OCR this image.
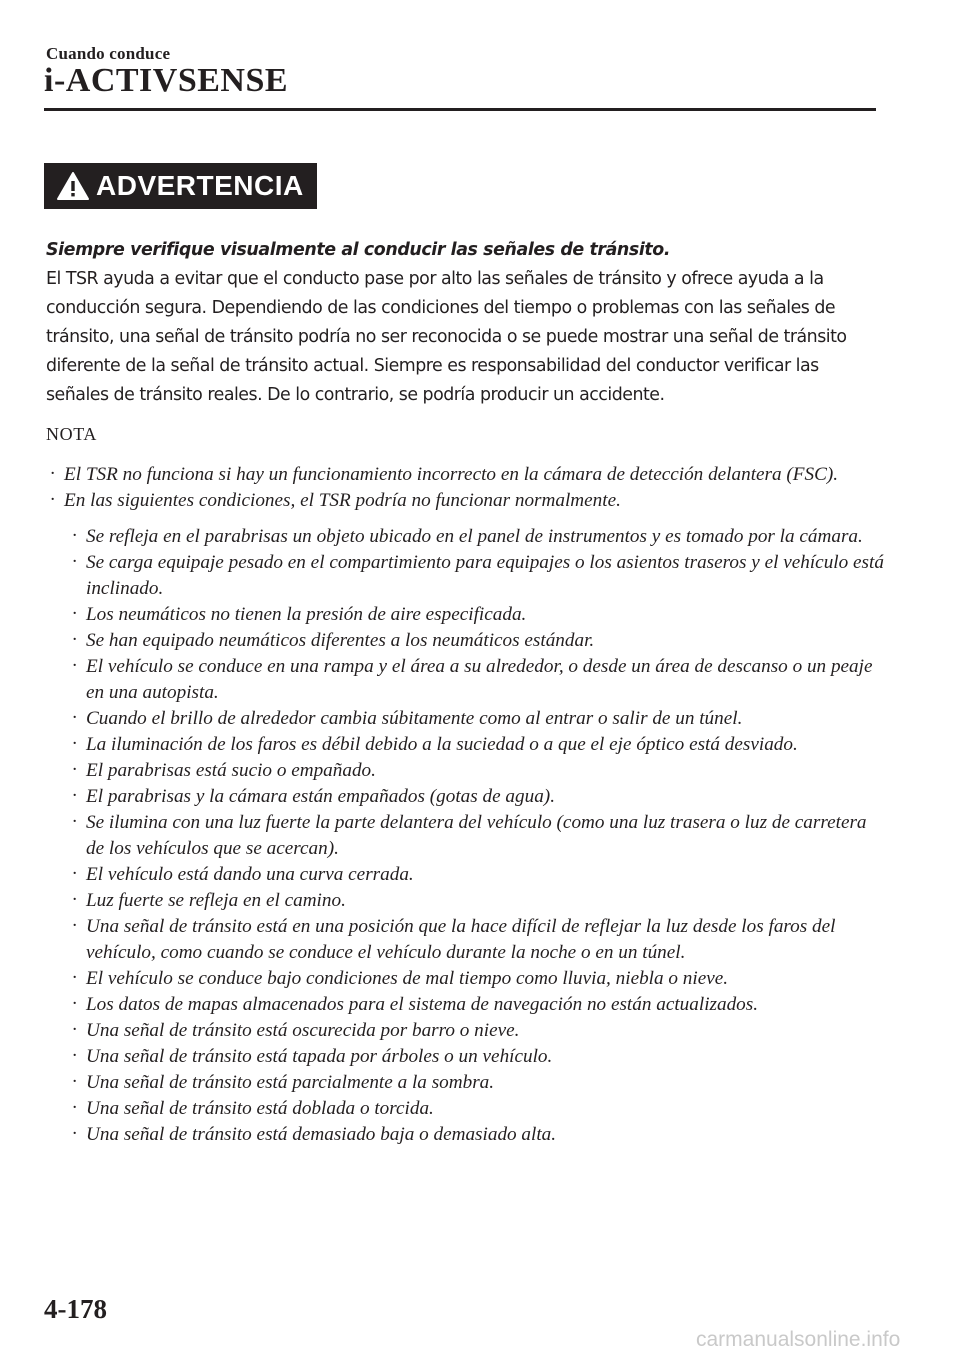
Cuando conduce
i-ACTIVSENSE
ADVERTENCIA
Siempre verifique visualmente al conducir las señales de tránsito.
El TSR ayuda a evitar que el conducto pase por alto las señales de tránsito y ofrece ayuda a la conducción segura. Dependiendo de las condiciones del tiempo o problemas con las señales de tránsito, una señal de tránsito podría no ser reconocida o se puede mostrar una señal de tránsito diferente de la señal de tránsito actual. Siempre es responsabilidad del conductor verificar las señales de tránsito reales. De lo contrario, se podría producir un accidente.
NOTA
· El TSR no funciona si hay un funcionamiento incorrecto en la cámara de detección delantera (FSC).
· En las siguientes condiciones, el TSR podría no funcionar normalmente.
· Se refleja en el parabrisas un objeto ubicado en el panel de instrumentos y es tomado por la cámara.
· Se carga equipaje pesado en el compartimiento para equipajes o los asientos traseros y el vehículo está inclinado.
· Los neumáticos no tienen la presión de aire especificada.
· Se han equipado neumáticos diferentes a los neumáticos estándar.
· El vehículo se conduce en una rampa y el área a su alrededor, o desde un área de descanso o un peaje en una autopista.
· Cuando el brillo de alrededor cambia súbitamente como al entrar o salir de un túnel.
· La iluminación de los faros es débil debido a la suciedad o a que el eje óptico está desviado.
· El parabrisas está sucio o empañado.
· El parabrisas y la cámara están empañados (gotas de agua).
· Se ilumina con una luz fuerte la parte delantera del vehículo (como una luz trasera o luz de carretera de los vehículos que se acercan).
· El vehículo está dando una curva cerrada.
· Luz fuerte se refleja en el camino.
· Una señal de tránsito está en una posición que la hace difícil de reflejar la luz desde los faros del vehículo, como cuando se conduce el vehículo durante la noche o en un túnel.
· El vehículo se conduce bajo condiciones de mal tiempo como lluvia, niebla o nieve.
· Los datos de mapas almacenados para el sistema de navegación no están actualizados.
· Una señal de tránsito está oscurecida por barro o nieve.
· Una señal de tránsito está tapada por árboles o un vehículo.
· Una señal de tránsito está parcialmente a la sombra.
· Una señal de tránsito está doblada o torcida.
· Una señal de tránsito está demasiado baja o demasiado alta.
4-178
carmanualsonline.info
